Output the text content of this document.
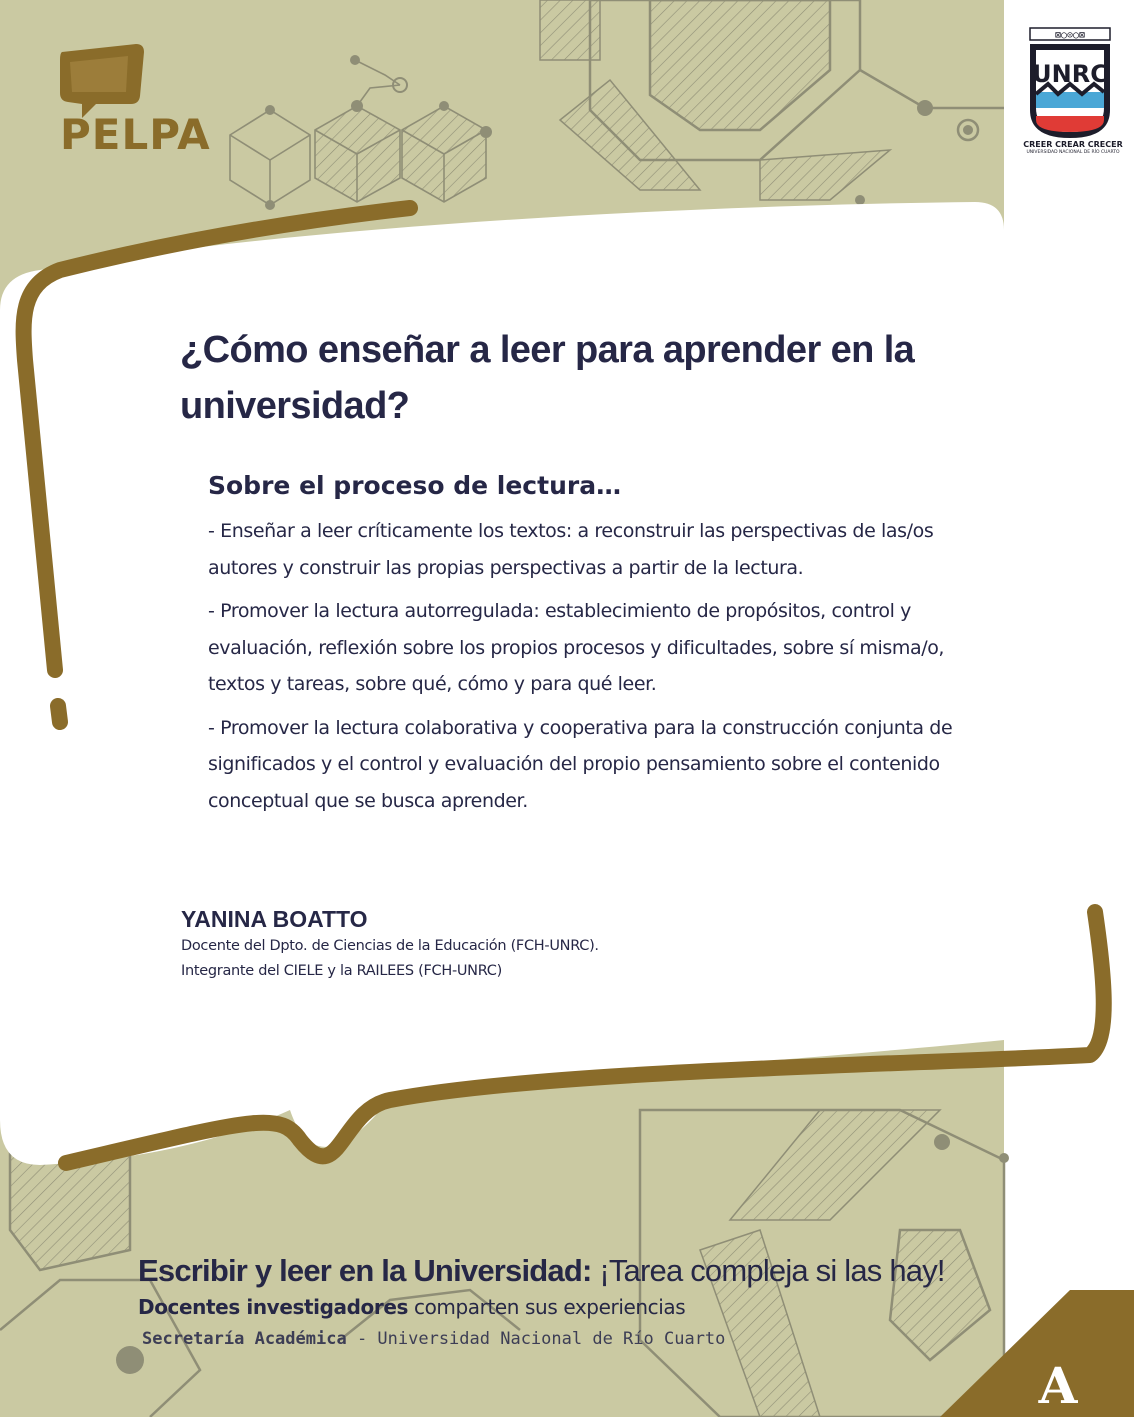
⊠○⊙○⊠
UNRC
PELPA	CREER CREAR CRECER
UNIVERSIDAD NACIONAL DE RÍO CUARTO
¿Cómo enseñar a leer para aprender en la universidad?
Sobre el proceso de lectura…

- Enseñar a leer críticamente los textos: a reconstruir las perspectivas de las/os autores y construir las propias perspectivas a partir de la lectura.

- Promover la lectura autorregulada: establecimiento de propósitos, control y evaluación, reflexión sobre los propios procesos y dificultades, sobre sí misma/o, textos y tareas, sobre qué, cómo y para qué leer.

- Promover la lectura colaborativa y cooperativa para la construcción conjunta de significados y el control y evaluación del propio pensamiento sobre el contenido conceptual que se busca aprender.

YANINA BOATTO
Docente del Dpto. de Ciencias de la Educación (FCH-UNRC).
Integrante del CIELE y la RAILEES (FCH-UNRC)
Escribir y leer en la Universidad: ¡Tarea compleja si las hay!
Docentes investigadores comparten sus experiencias
Secretaría Académica - Universidad Nacional de Río Cuarto
A
